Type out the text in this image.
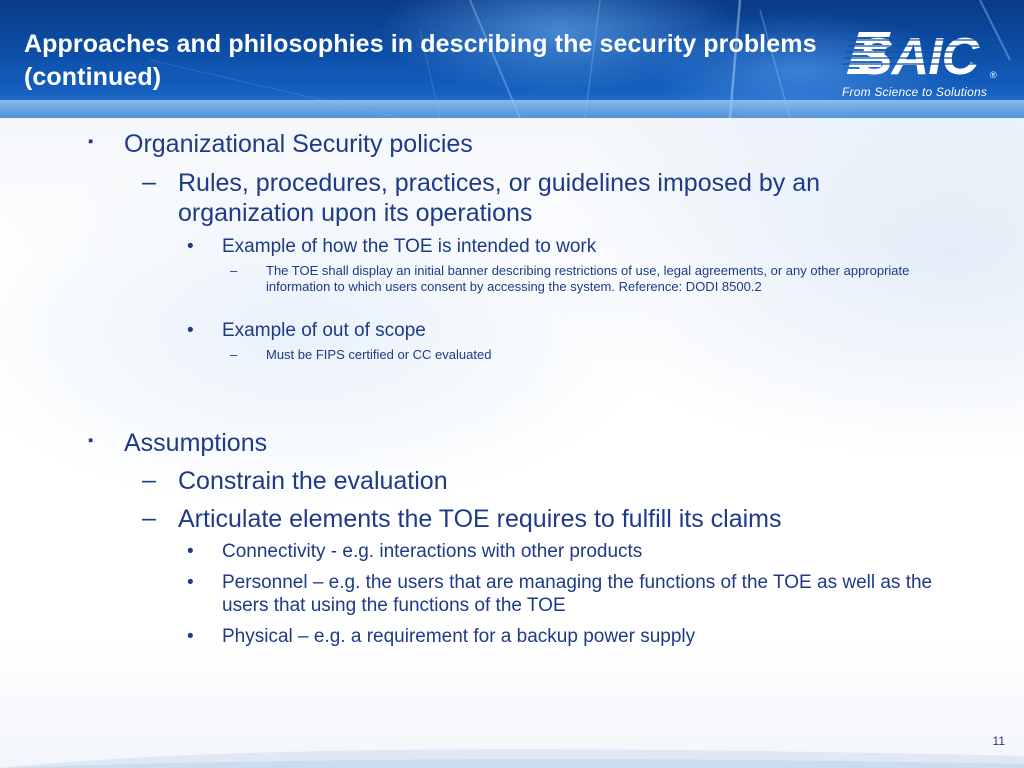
Approaches and philosophies in describing the security problems (continued)	SAIC ®
From Science to Solutions
▪ Organizational Security policies

– Rules, procedures, practices, or guidelines imposed by an organization upon its operations

• Example of how the TOE is intended to work

– The TOE shall display an initial banner describing restrictions of use, legal agreements, or any other appropriate information to which users consent by accessing the system. Reference: DODI 8500.2

• Example of out of scope

– Must be FIPS certified or CC evaluated

▪ Assumptions

– Constrain the evaluation

– Articulate elements the TOE requires to fulfill its claims

• Connectivity - e.g. interactions with other products

• Personnel – e.g. the users that are managing the functions of the TOE as well as the users that using the functions of the TOE

• Physical – e.g. a requirement for a backup power supply

11
